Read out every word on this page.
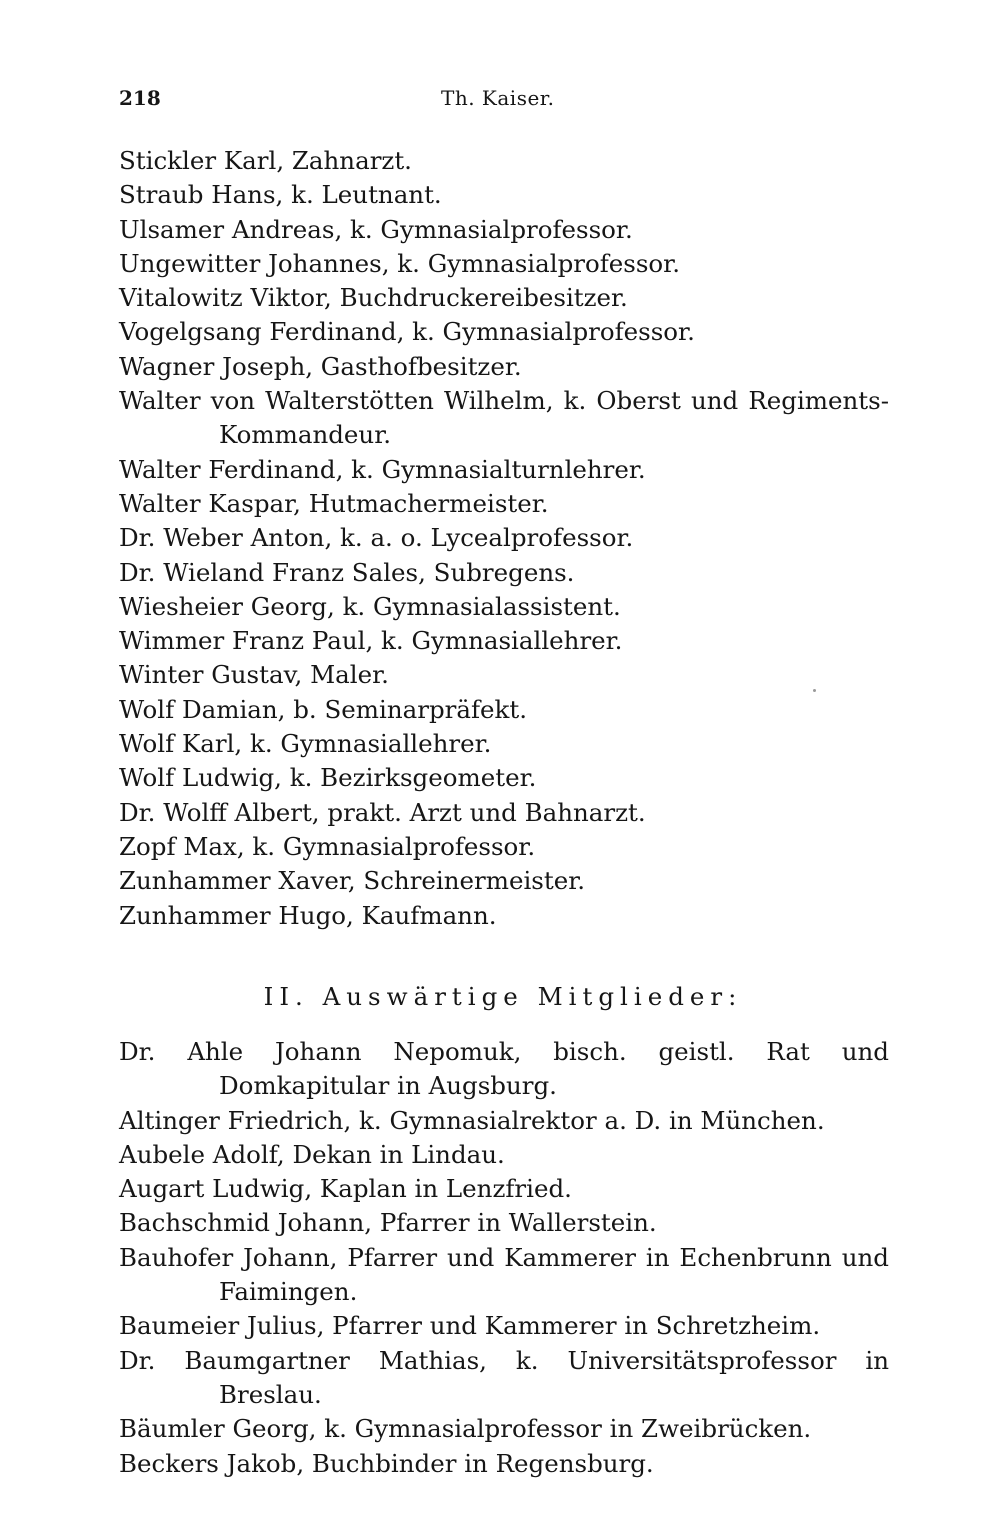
218	Th. Kaiser.
Stickler Karl, Zahnarzt.
Straub Hans, k. Leutnant.
Ulsamer Andreas, k. Gymnasialprofessor.
Ungewitter Johannes, k. Gymnasialprofessor.
Vitalowitz Viktor, Buchdruckereibesitzer.
Vogelgsang Ferdinand, k. Gymnasialprofessor.
Wagner Joseph, Gasthofbesitzer.
Walter von Walterstötten Wilhelm, k. Oberst und Regiments-Kommandeur.
Walter Ferdinand, k. Gymnasialturnlehrer.
Walter Kaspar, Hutmachermeister.
Dr. Weber Anton, k. a. o. Lycealprofessor.
Dr. Wieland Franz Sales, Subregens.
Wiesheier Georg, k. Gymnasialassistent.
Wimmer Franz Paul, k. Gymnasiallehrer.
Winter Gustav, Maler.
Wolf Damian, b. Seminarpräfekt.
Wolf Karl, k. Gymnasiallehrer.
Wolf Ludwig, k. Bezirksgeometer.
Dr. Wolff Albert, prakt. Arzt und Bahnarzt.
Zopf Max, k. Gymnasialprofessor.
Zunhammer Xaver, Schreinermeister.
Zunhammer Hugo, Kaufmann.
II. Auswärtige Mitglieder:
Dr. Ahle Johann Nepomuk, bisch. geistl. Rat und Domkapitular in Augsburg.
Altinger Friedrich, k. Gymnasialrektor a. D. in München.
Aubele Adolf, Dekan in Lindau.
Augart Ludwig, Kaplan in Lenzfried.
Bachschmid Johann, Pfarrer in Wallerstein.
Bauhofer Johann, Pfarrer und Kammerer in Echenbrunn und Faimingen.
Baumeier Julius, Pfarrer und Kammerer in Schretzheim.
Dr. Baumgartner Mathias, k. Universitätsprofessor in Breslau.
Bäumler Georg, k. Gymnasialprofessor in Zweibrücken.
Beckers Jakob, Buchbinder in Regensburg.
